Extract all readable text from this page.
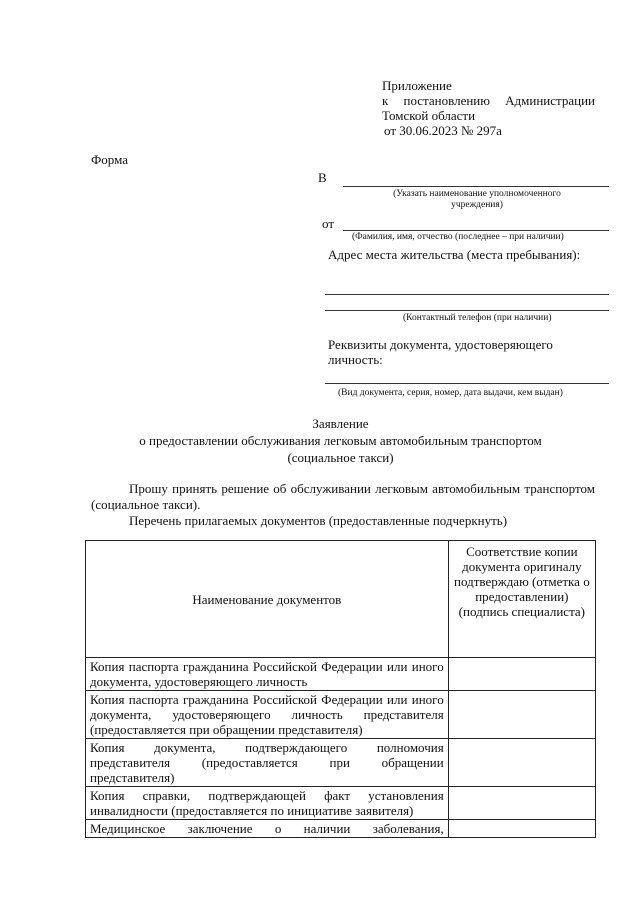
Приложение
к постановлению Администрации Томской области
от 30.06.2023 № 297а
Форма
В
(Указать наименование уполномоченного учреждения)
от
(Фамилия, имя, отчество (последнее – при наличии)
Адрес места жительства (места пребывания):
(Контактный телефон (при наличии)
Реквизиты документа, удостоверяющего личность:
(Вид документа, серия, номер, дата выдачи, кем выдан)
Заявление
о предоставлении обслуживания легковым автомобильным транспортом
(социальное такси)
Прошу принять решение об обслуживании легковым автомобильным транспортом (социальное такси).
Перечень прилагаемых документов (предоставленные подчеркнуть)
Наименование документов	Соответствие копии документа оригиналу подтверждаю (отметка о предоставлении) (подпись специалиста)
Копия паспорта гражданина Российской Федерации или иного документа, удостоверяющего личность	
Копия паспорта гражданина Российской Федерации или иного документа, удостоверяющего личность представителя (предоставляется при обращении представителя)	
Копия документа, подтверждающего полномочия представителя (предоставляется при обращении представителя)	
Копия справки, подтверждающей факт установления инвалидности (предоставляется по инициативе заявителя)	
Медицинское заключение о наличии заболевания,	
